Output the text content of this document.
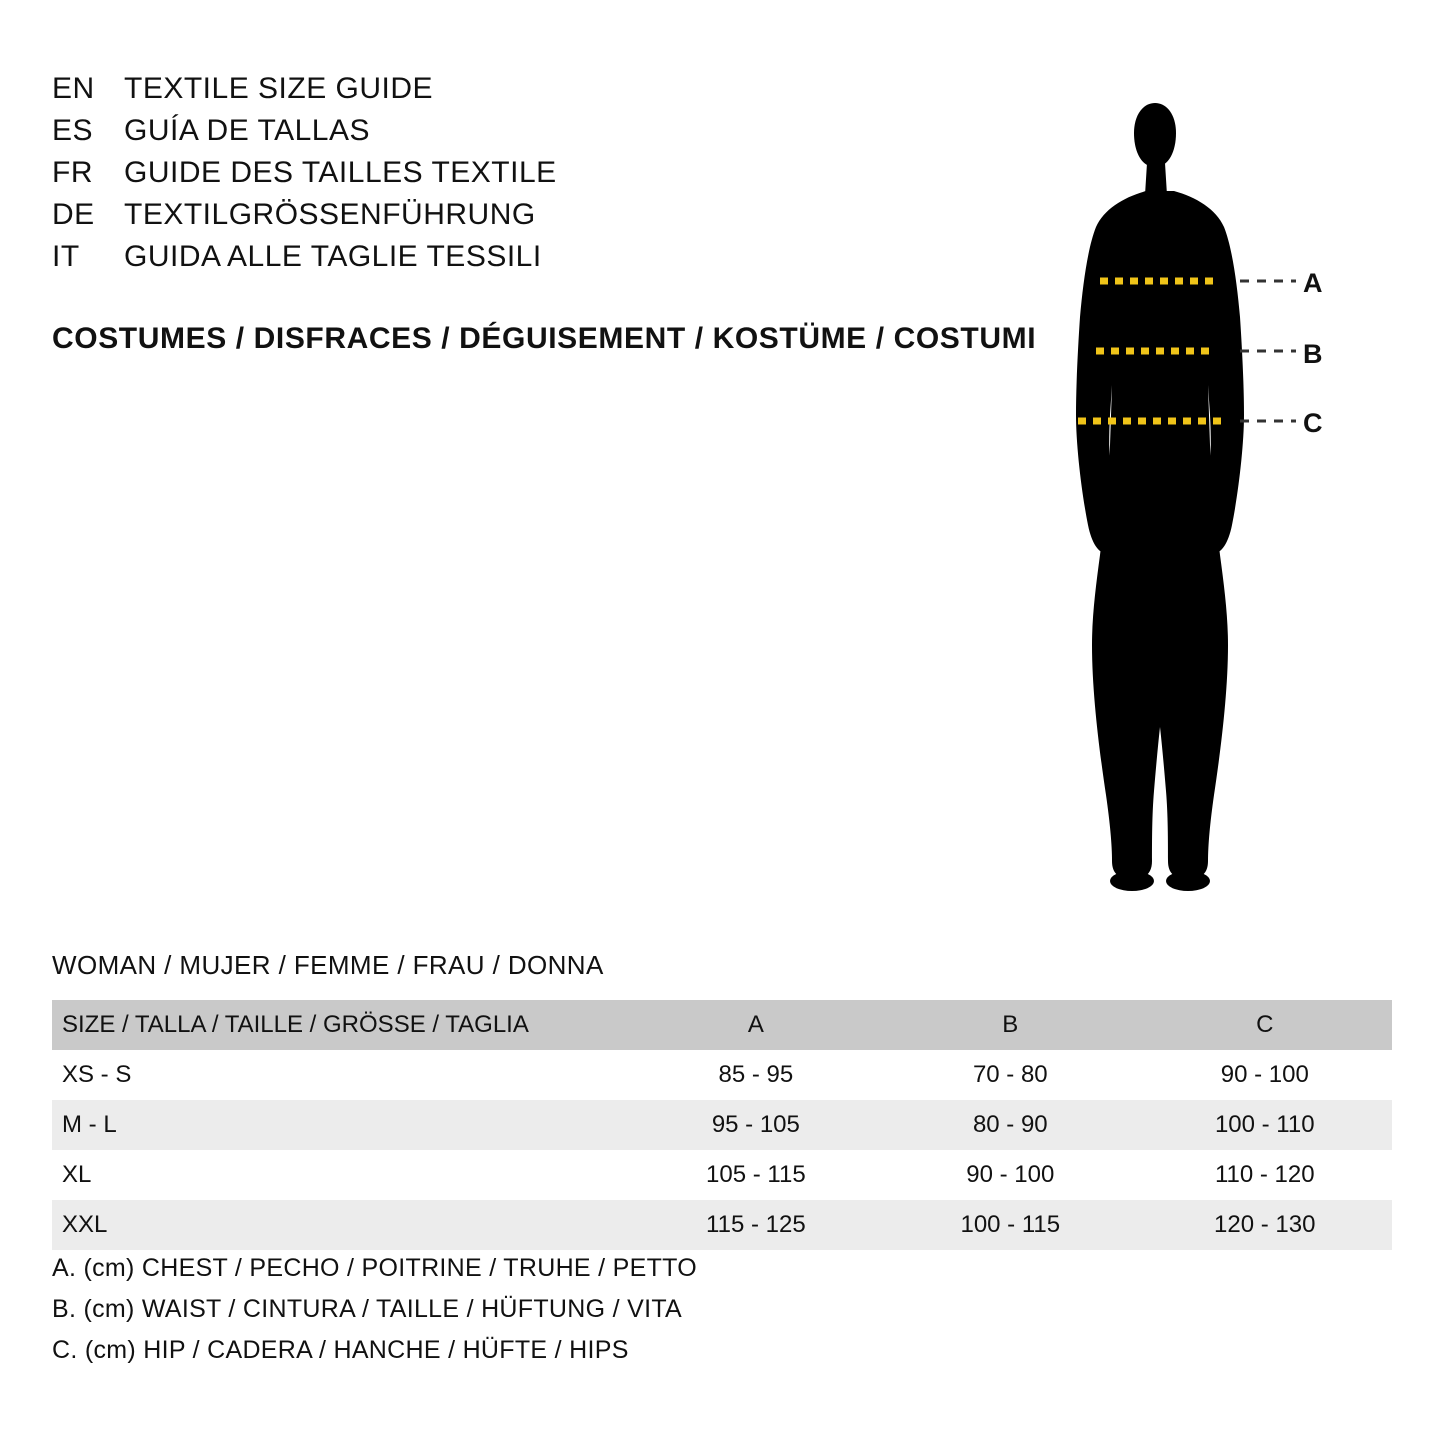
EN TEXTILE SIZE GUIDE
ES	GUÍA DE TALLAS
FR	GUIDE DES TAILLES TEXTILE
DE TEXTILGRÖSSENFÜHRUNG
IT	GUIDA ALLE TAGLIE TESSILI
COSTUMES / DISFRACES / DÉGUISEMENT / KOSTÜME / COSTUMI
A
B
C
WOMAN / MUJER / FEMME / FRAU / DONNA
SIZE / TALLA / TAILLE / GRÖSSE / TAGLIA	A	B	C
XS - S	85 - 95	70 - 80	90 - 100
M - L	95 - 105	80 - 90	100 - 110
XL	105 - 115	90 - 100	110 - 120
XXL	115 - 125	100 - 115	120 - 130
A. (cm) CHEST / PECHO / POITRINE / TRUHE / PETTO
B. (cm) WAIST / CINTURA / TAILLE / HÜFTUNG / VITA
C. (cm) HIP / CADERA / HANCHE / HÜFTE / HIPS
